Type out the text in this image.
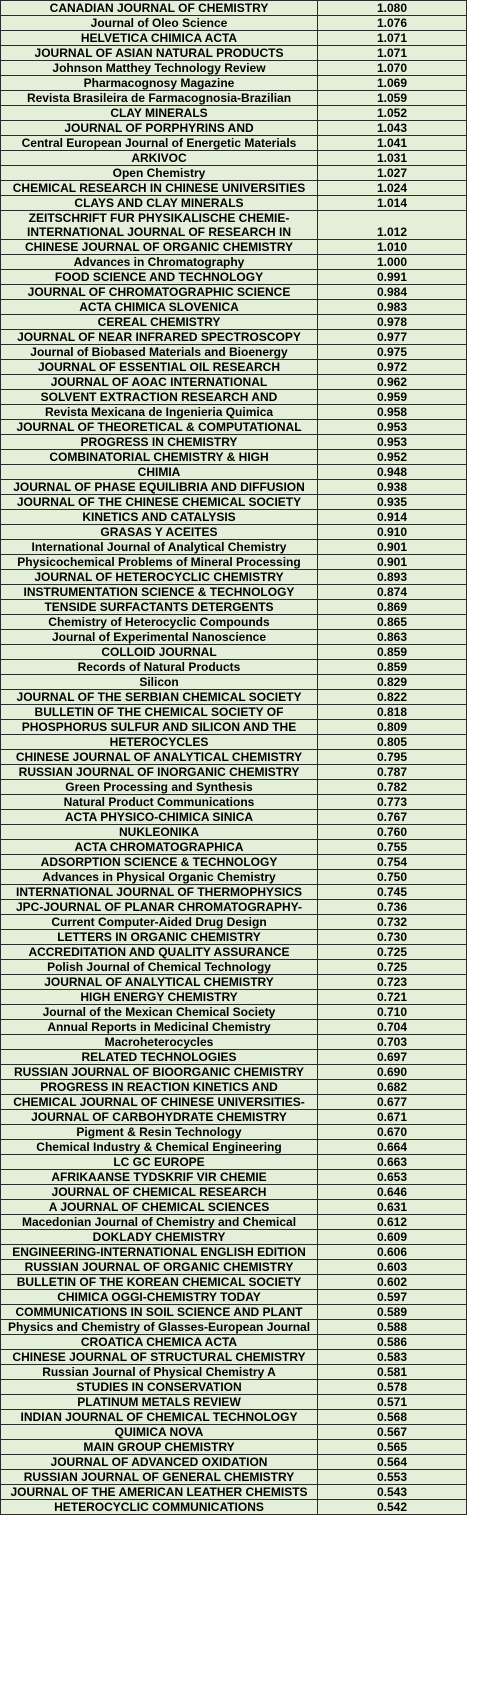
CANADIAN JOURNAL OF CHEMISTRY	1.080
Journal of Oleo Science	1.076
HELVETICA CHIMICA ACTA	1.071
JOURNAL OF ASIAN NATURAL PRODUCTS	1.071
Johnson Matthey Technology Review	1.070
Pharmacognosy Magazine	1.069
Revista Brasileira de Farmacognosia-Brazilian	1.059
CLAY MINERALS	1.052
JOURNAL OF PORPHYRINS AND	1.043
Central European Journal of Energetic Materials	1.041
ARKIVOC	1.031
Open Chemistry	1.027
CHEMICAL RESEARCH IN CHINESE UNIVERSITIES	1.024
CLAYS AND CLAY MINERALS	1.014
ZEITSCHRIFT FUR PHYSIKALISCHE CHEMIE-INTERNATIONAL JOURNAL OF RESEARCH IN	1.012
CHINESE JOURNAL OF ORGANIC CHEMISTRY	1.010
Advances in Chromatography	1.000
FOOD SCIENCE AND TECHNOLOGY	0.991
JOURNAL OF CHROMATOGRAPHIC SCIENCE	0.984
ACTA CHIMICA SLOVENICA	0.983
CEREAL CHEMISTRY	0.978
JOURNAL OF NEAR INFRARED SPECTROSCOPY	0.977
Journal of Biobased Materials and Bioenergy	0.975
JOURNAL OF ESSENTIAL OIL RESEARCH	0.972
JOURNAL OF AOAC INTERNATIONAL	0.962
SOLVENT EXTRACTION RESEARCH AND	0.959
Revista Mexicana de Ingenieria Quimica	0.958
JOURNAL OF THEORETICAL & COMPUTATIONAL	0.953
PROGRESS IN CHEMISTRY	0.953
COMBINATORIAL CHEMISTRY & HIGH	0.952
CHIMIA	0.948
JOURNAL OF PHASE EQUILIBRIA AND DIFFUSION	0.938
JOURNAL OF THE CHINESE CHEMICAL SOCIETY	0.935
KINETICS AND CATALYSIS	0.914
GRASAS Y ACEITES	0.910
International Journal of Analytical Chemistry	0.901
Physicochemical Problems of Mineral Processing	0.901
JOURNAL OF HETEROCYCLIC CHEMISTRY	0.893
INSTRUMENTATION SCIENCE & TECHNOLOGY	0.874
TENSIDE SURFACTANTS DETERGENTS	0.869
Chemistry of Heterocyclic Compounds	0.865
Journal of Experimental Nanoscience	0.863
COLLOID JOURNAL	0.859
Records of Natural Products	0.859
Silicon	0.829
JOURNAL OF THE SERBIAN CHEMICAL SOCIETY	0.822
BULLETIN OF THE CHEMICAL SOCIETY OF	0.818
PHOSPHORUS SULFUR AND SILICON AND THE	0.809
HETEROCYCLES	0.805
CHINESE JOURNAL OF ANALYTICAL CHEMISTRY	0.795
RUSSIAN JOURNAL OF INORGANIC CHEMISTRY	0.787
Green Processing and Synthesis	0.782
Natural Product Communications	0.773
ACTA PHYSICO-CHIMICA SINICA	0.767
NUKLEONIKA	0.760
ACTA CHROMATOGRAPHICA	0.755
ADSORPTION SCIENCE & TECHNOLOGY	0.754
Advances in Physical Organic Chemistry	0.750
INTERNATIONAL JOURNAL OF THERMOPHYSICS	0.745
JPC-JOURNAL OF PLANAR CHROMATOGRAPHY-	0.736
Current Computer-Aided Drug Design	0.732
LETTERS IN ORGANIC CHEMISTRY	0.730
ACCREDITATION AND QUALITY ASSURANCE	0.725
Polish Journal of Chemical Technology	0.725
JOURNAL OF ANALYTICAL CHEMISTRY	0.723
HIGH ENERGY CHEMISTRY	0.721
Journal of the Mexican Chemical Society	0.710
Annual Reports in Medicinal Chemistry	0.704
Macroheterocycles	0.703
RELATED TECHNOLOGIES	0.697
RUSSIAN JOURNAL OF BIOORGANIC CHEMISTRY	0.690
PROGRESS IN REACTION KINETICS AND	0.682
CHEMICAL JOURNAL OF CHINESE UNIVERSITIES-	0.677
JOURNAL OF CARBOHYDRATE CHEMISTRY	0.671
Pigment & Resin Technology	0.670
Chemical Industry & Chemical Engineering	0.664
LC GC EUROPE	0.663
AFRIKAANSE TYDSKRIF VIR CHEMIE	0.653
JOURNAL OF CHEMICAL RESEARCH	0.646
A JOURNAL OF CHEMICAL SCIENCES	0.631
Macedonian Journal of Chemistry and Chemical	0.612
DOKLADY CHEMISTRY	0.609
ENGINEERING-INTERNATIONAL ENGLISH EDITION	0.606
RUSSIAN JOURNAL OF ORGANIC CHEMISTRY	0.603
BULLETIN OF THE KOREAN CHEMICAL SOCIETY	0.602
CHIMICA OGGI-CHEMISTRY TODAY	0.597
COMMUNICATIONS IN SOIL SCIENCE AND PLANT	0.589
Physics and Chemistry of Glasses-European Journal	0.588
CROATICA CHEMICA ACTA	0.586
CHINESE JOURNAL OF STRUCTURAL CHEMISTRY	0.583
Russian Journal of Physical Chemistry A	0.581
STUDIES IN CONSERVATION	0.578
PLATINUM METALS REVIEW	0.571
INDIAN JOURNAL OF CHEMICAL TECHNOLOGY	0.568
QUIMICA NOVA	0.567
MAIN GROUP CHEMISTRY	0.565
JOURNAL OF ADVANCED OXIDATION	0.564
RUSSIAN JOURNAL OF GENERAL CHEMISTRY	0.553
JOURNAL OF THE AMERICAN LEATHER CHEMISTS	0.543
HETEROCYCLIC COMMUNICATIONS	0.542
